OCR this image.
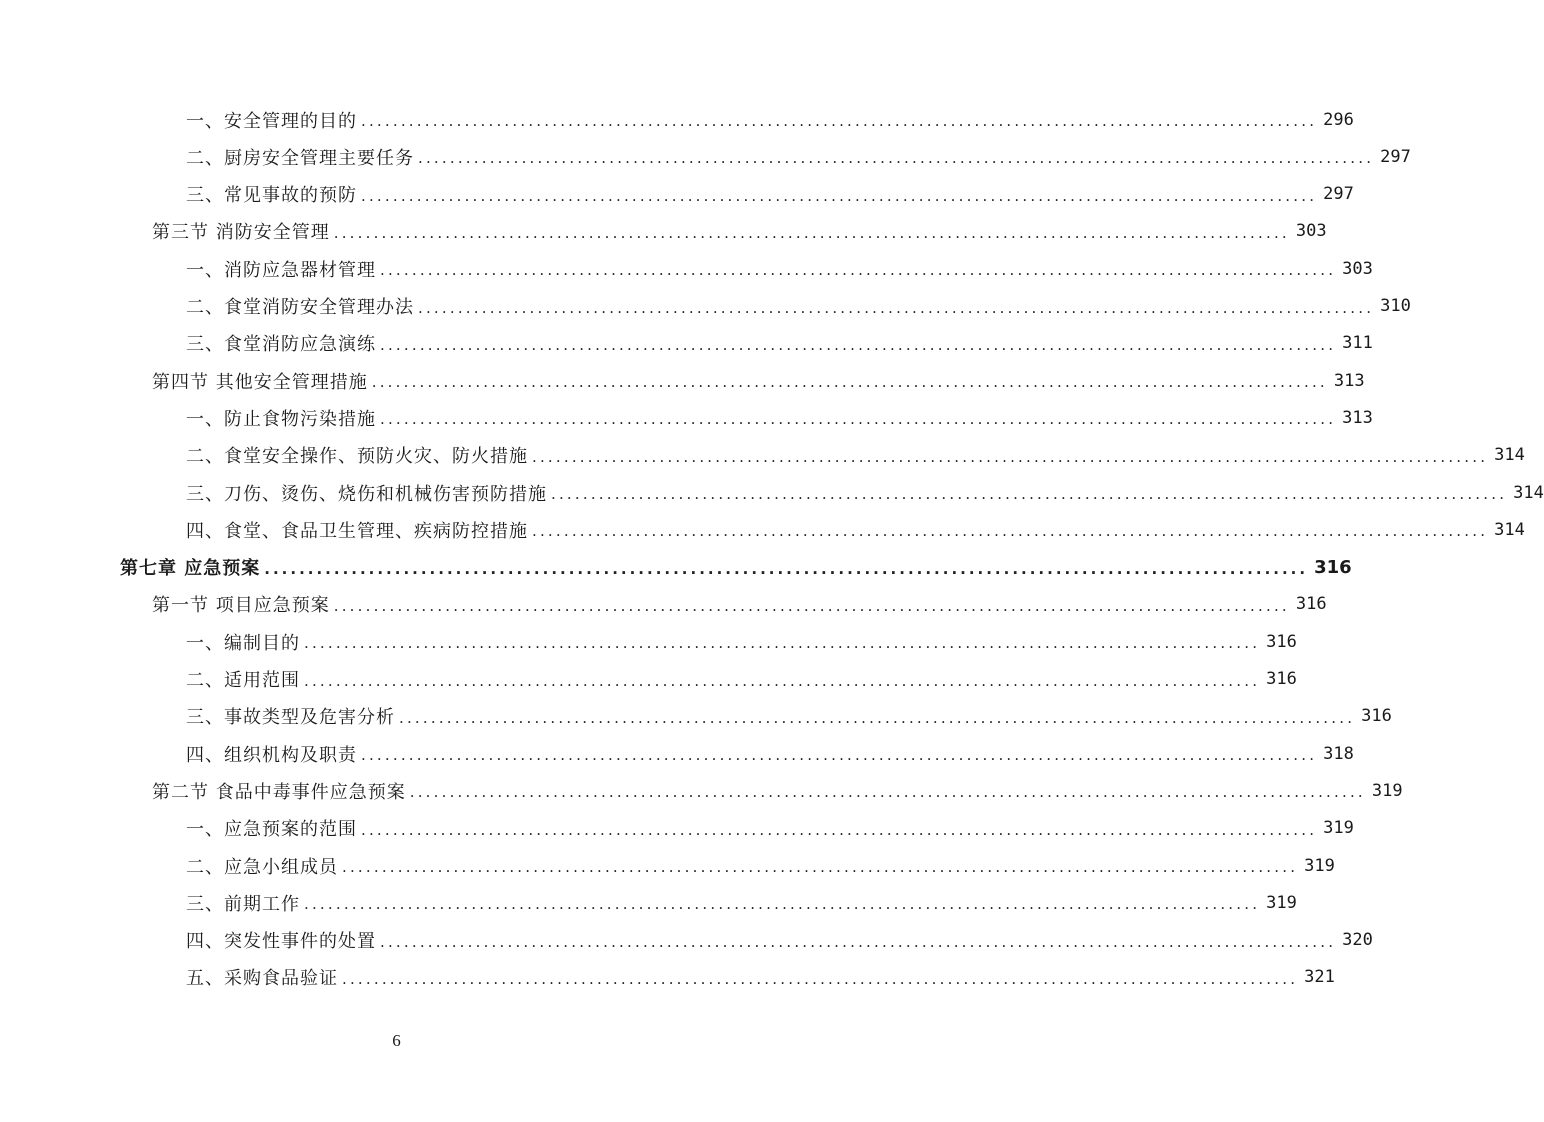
一、安全管理的目的 ........................................................................................................................ 296
二、厨房安全管理主要任务 ........................................................................................................................ 297
三、常见事故的预防 ........................................................................................................................ 297
第三节 消防安全管理 ........................................................................................................................ 303
一、消防应急器材管理 ........................................................................................................................ 303
二、食堂消防安全管理办法 ........................................................................................................................ 310
三、食堂消防应急演练 ........................................................................................................................ 311
第四节 其他安全管理措施 ........................................................................................................................ 313
一、防止食物污染措施 ........................................................................................................................ 313
二、食堂安全操作、预防火灾、防火措施 ........................................................................................................................ 314
三、刀伤、烫伤、烧伤和机械伤害预防措施 ........................................................................................................................ 314
四、食堂、食品卫生管理、疾病防控措施 ........................................................................................................................ 314
第七章 应急预案 ........................................................................................................................ 316
第一节 项目应急预案 ........................................................................................................................ 316
一、编制目的 ........................................................................................................................ 316
二、适用范围 ........................................................................................................................ 316
三、事故类型及危害分析 ........................................................................................................................ 316
四、组织机构及职责 ........................................................................................................................ 318
第二节 食品中毒事件应急预案 ........................................................................................................................ 319
一、应急预案的范围 ........................................................................................................................ 319
二、应急小组成员 ........................................................................................................................ 319
三、前期工作 ........................................................................................................................ 319
四、突发性事件的处置 ........................................................................................................................ 320
五、采购食品验证 ........................................................................................................................ 321
6
